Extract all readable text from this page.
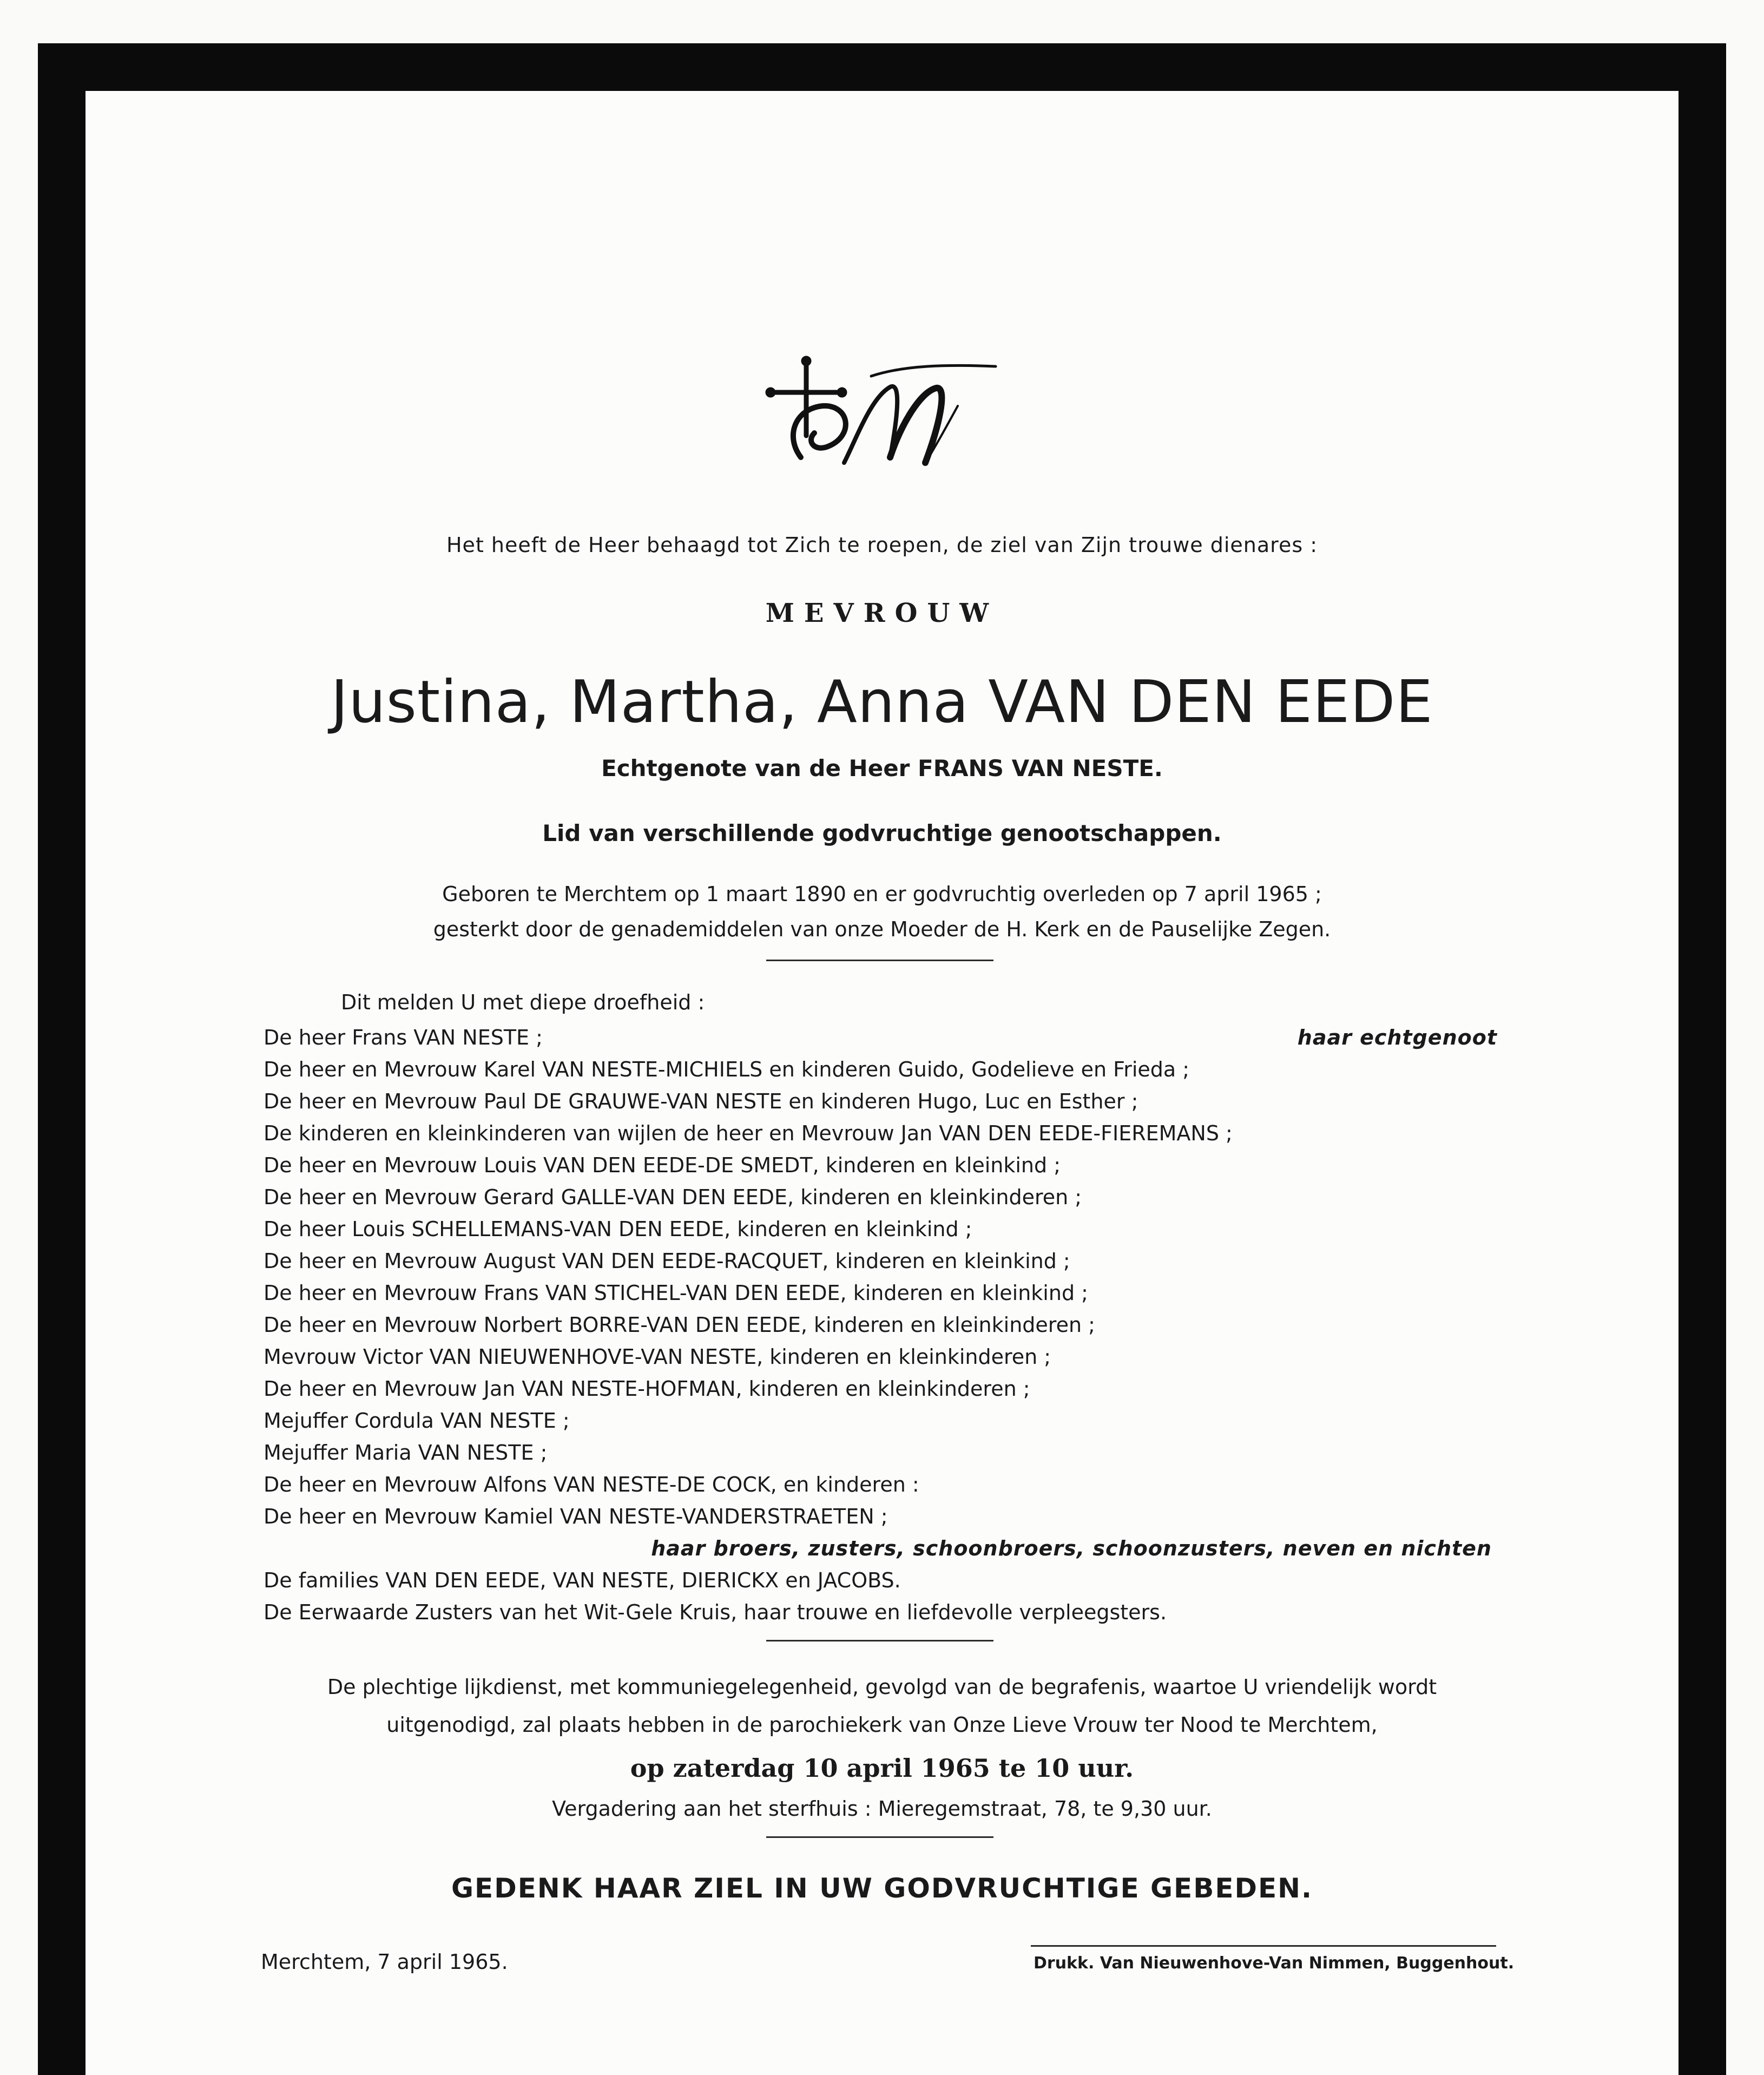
Het heeft de Heer behaagd tot Zich te roepen, de ziel van Zijn trouwe dienares :
MEVROUW
Justina, Martha, Anna VAN DEN EEDE
Echtgenote van de Heer FRANS VAN NESTE.
Lid van verschillende godvruchtige genootschappen.
Geboren te Merchtem op 1 maart 1890 en er godvruchtig overleden op 7 april 1965 ;
gesterkt door de genademiddelen van onze Moeder de H. Kerk en de Pauselijke Zegen.
Dit melden U met diepe droefheid :
De heer Frans VAN NESTE ;	haar echtgenoot
De heer en Mevrouw Karel VAN NESTE-MICHIELS en kinderen Guido, Godelieve en Frieda ;
De heer en Mevrouw Paul DE GRAUWE-VAN NESTE en kinderen Hugo, Luc en Esther ;
De kinderen en kleinkinderen van wijlen de heer en Mevrouw Jan VAN DEN EEDE-FIEREMANS ;
De heer en Mevrouw Louis VAN DEN EEDE-DE SMEDT, kinderen en kleinkind ;
De heer en Mevrouw Gerard GALLE-VAN DEN EEDE, kinderen en kleinkinderen ;
De heer Louis SCHELLEMANS-VAN DEN EEDE, kinderen en kleinkind ;
De heer en Mevrouw August VAN DEN EEDE-RACQUET, kinderen en kleinkind ;
De heer en Mevrouw Frans VAN STICHEL-VAN DEN EEDE, kinderen en kleinkind ;
De heer en Mevrouw Norbert BORRE-VAN DEN EEDE, kinderen en kleinkinderen ;
Mevrouw Victor VAN NIEUWENHOVE-VAN NESTE, kinderen en kleinkinderen ;
De heer en Mevrouw Jan VAN NESTE-HOFMAN, kinderen en kleinkinderen ;
Mejuffer Cordula VAN NESTE ;
Mejuffer Maria VAN NESTE ;
De heer en Mevrouw Alfons VAN NESTE-DE COCK, en kinderen :
De heer en Mevrouw Kamiel VAN NESTE-VANDERSTRAETEN ;
haar broers, zusters, schoonbroers, schoonzusters, neven en nichten
De families VAN DEN EEDE, VAN NESTE, DIERICKX en JACOBS.
De Eerwaarde Zusters van het Wit-Gele Kruis, haar trouwe en liefdevolle verpleegsters.
De plechtige lijkdienst, met kommuniegelegenheid, gevolgd van de begrafenis, waartoe U vriendelijk wordt
uitgenodigd, zal plaats hebben in de parochiekerk van Onze Lieve Vrouw ter Nood te Merchtem,
op zaterdag 10 april 1965 te 10 uur.
Vergadering aan het sterfhuis : Mieregemstraat, 78, te 9,30 uur.
GEDENK HAAR ZIEL IN UW GODVRUCHTIGE GEBEDEN.
Merchtem, 7 april 1965.	Drukk. Van Nieuwenhove-Van Nimmen, Buggenhout.
